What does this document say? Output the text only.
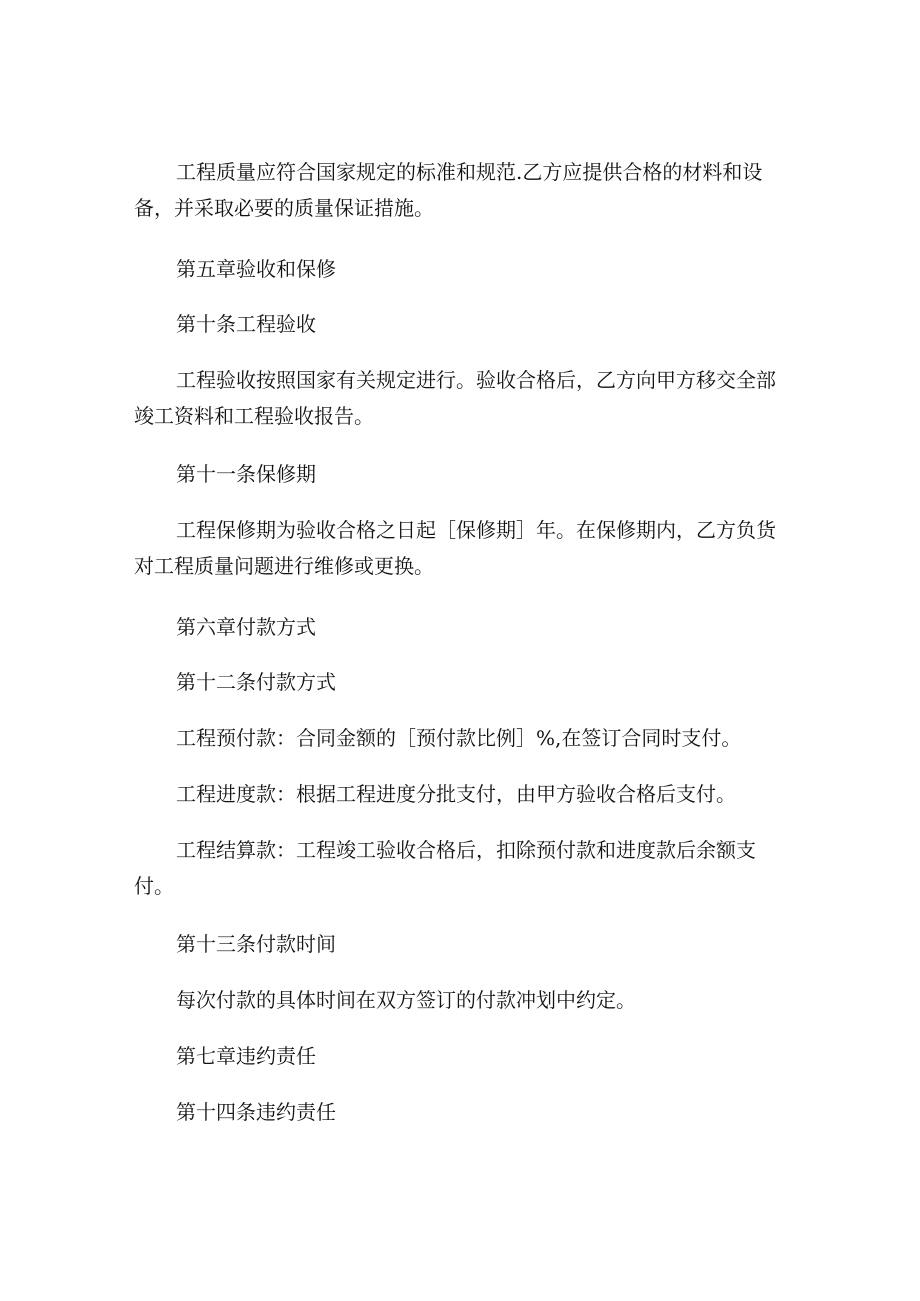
工程质量应符合国家规定的标准和规范.乙方应提供合格的材料和设备，并采取必要的质量保证措施。

第五章验收和保修

第十条工程验收

工程验收按照国家有关规定进行。验收合格后，乙方向甲方移交全部竣工资料和工程验收报告。

第十一条保修期

工程保修期为验收合格之日起［保修期］年。在保修期内，乙方负货对工程质量问题进行维修或更换。

第六章付款方式

第十二条付款方式

工程预付款：合同金额的［预付款比例］%,在签订合同时支付。

工程进度款：根据工程进度分批支付，由甲方验收合格后支付。

工程结算款：工程竣工验收合格后，扣除预付款和进度款后余额支付。

第十三条付款时间

每次付款的具体时间在双方签订的付款冲划中约定。

第七章违约责任

第十四条违约责任
